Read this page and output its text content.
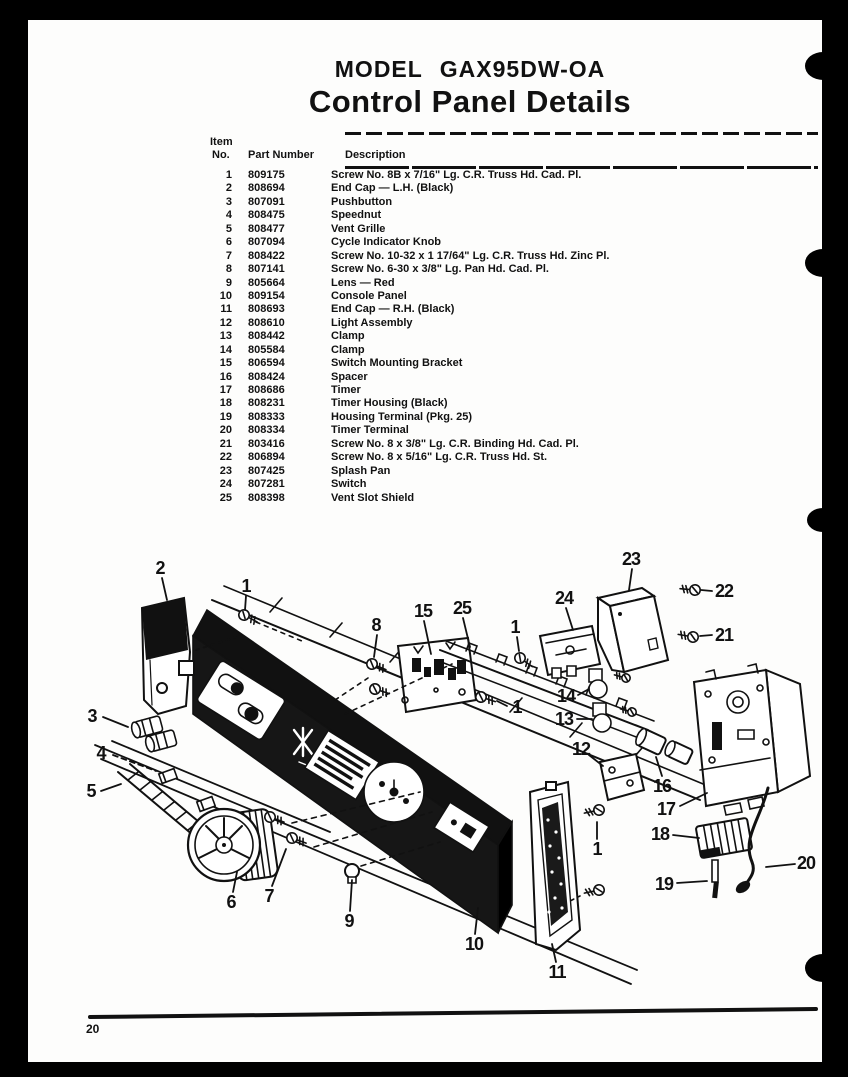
MODEL GAX95DW-OA
Control Panel Details
Item
No. Part Number	Description
1	809175	Screw No. 8B x 7/16" Lg. C.R. Truss Hd. Cad. Pl.
2	808694	End Cap — L.H. (Black)
3	807091	Pushbutton
4	808475	Speednut
5	808477	Vent Grille
6	807094	Cycle Indicator Knob
7	808422	Screw No. 10-32 x 1 17/64" Lg. C.R. Truss Hd. Zinc Pl.
8	807141	Screw No. 6-30 x 3/8" Lg. Pan Hd. Cad. Pl.
9	805664	Lens — Red
10	809154	Console Panel
11	808693	End Cap — R.H. (Black)
12	808610	Light Assembly
13	808442	Clamp
14	805584	Clamp
15	806594	Switch Mounting Bracket
16	808424	Spacer
17	808686	Timer
18	808231	Timer Housing (Black)
19	808333	Housing Terminal (Pkg. 25)
20	808334	Timer Terminal
21	803416	Screw No. 8 x 3/8" Lg. C.R. Binding Hd. Cad. Pl.
22	806894	Screw No. 8 x 5/16" Lg. C.R. Truss Hd. St.
23	807425	Splash Pan
24	807281	Switch
25	808398	Vent Slot Shield
2
1
8
15 25
23
24	22
21
1
14
1
13
12
16
17
18
19
20
3
4
5
6 7
9
10
11
1
20
